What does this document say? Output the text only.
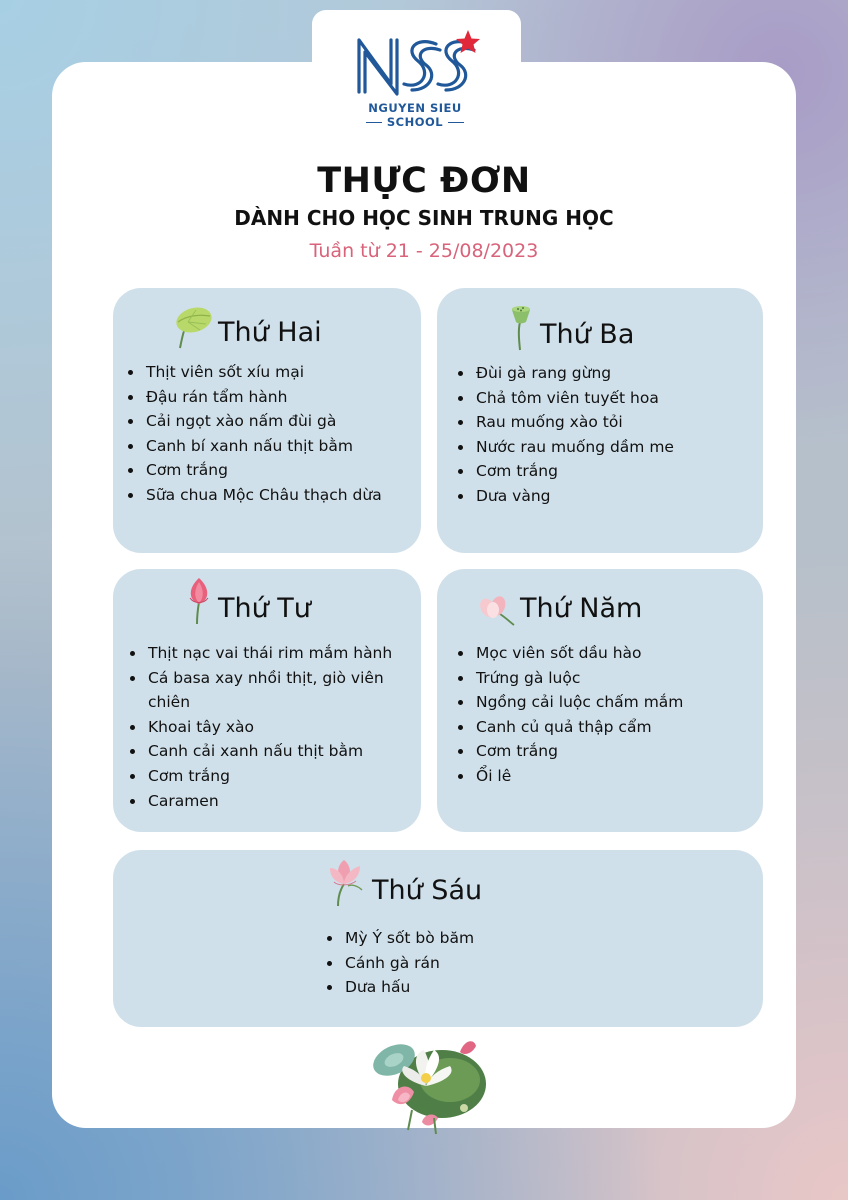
NGUYEN SIEU
SCHOOL
THỰC ĐƠN
DÀNH CHO HỌC SINH TRUNG HỌC
Tuần từ 21 - 25/08/2023
Thứ Hai
Thịt viên sốt xíu mại
Đậu rán tẩm hành
Cải ngọt xào nấm đùi gà
Canh bí xanh nấu thịt bằm
Cơm trắng
Sữa chua Mộc Châu thạch dừa
Thứ Ba
Đùi gà rang gừng
Chả tôm viên tuyết hoa
Rau muống xào tỏi
Nước rau muống dầm me
Cơm trắng
Dưa vàng
Thứ Tư
Thịt nạc vai thái rim mắm hành
Cá basa xay nhồi thịt, giò viên chiên
Khoai tây xào
Canh cải xanh nấu thịt bằm
Cơm trắng
Caramen
Thứ Năm
Mọc viên sốt dầu hào
Trứng gà luộc
Ngồng cải luộc chấm mắm
Canh củ quả thập cẩm
Cơm trắng
Ổi lê
Thứ Sáu
Mỳ Ý sốt bò băm
Cánh gà rán
Dưa hấu
